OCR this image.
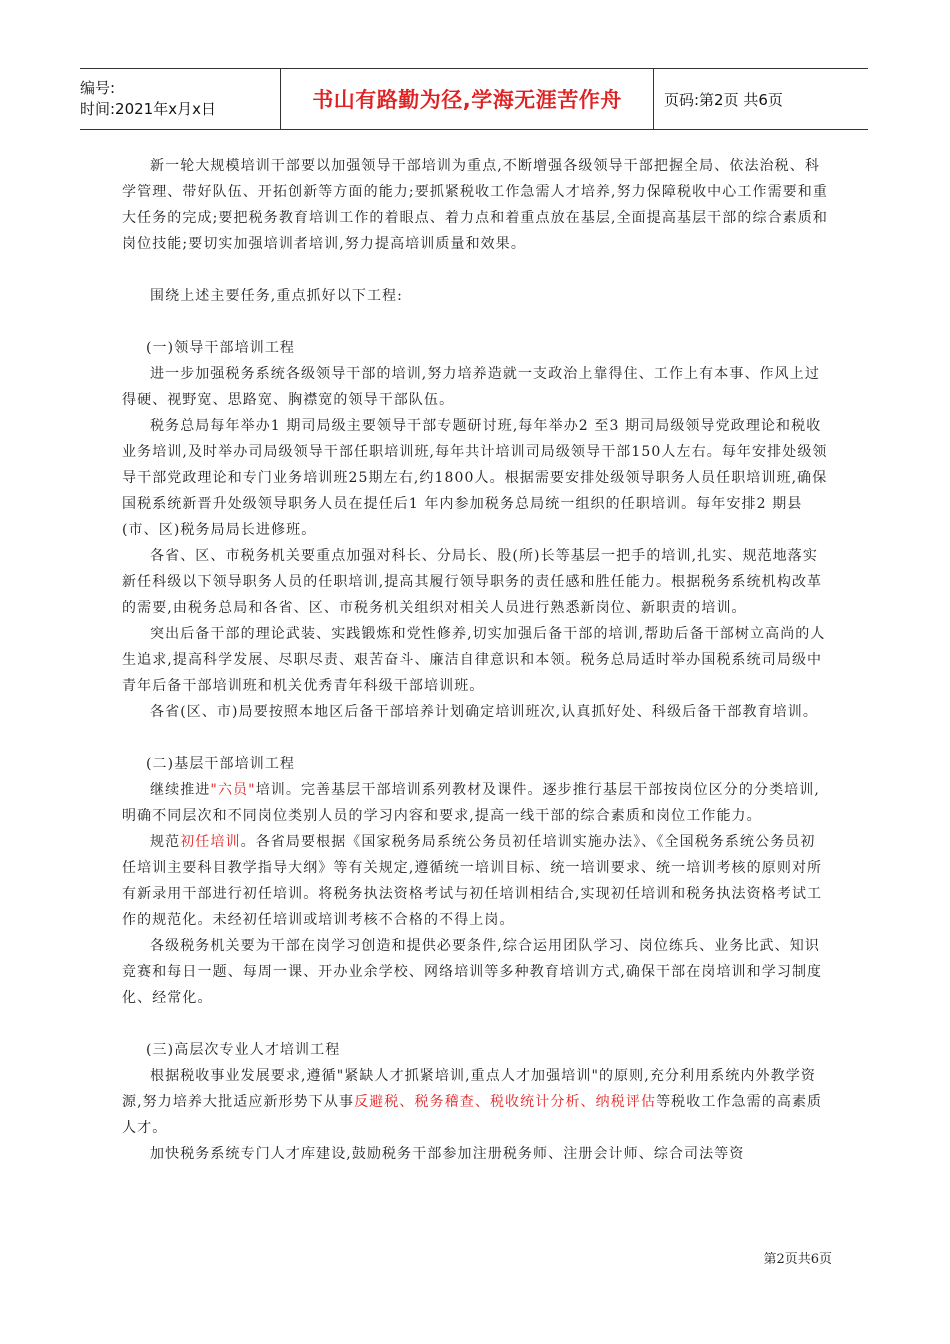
编号:
时间:2021年x月x日	书山有路勤为径,学海无涯苦作舟	页码:第2页 共6页

新一轮大规模培训干部要以加强领导干部培训为重点,不断增强各级领导干部把握全局、依法治税、科学管理、带好队伍、开拓创新等方面的能力;要抓紧税收工作急需人才培养,努力保障税收中心工作需要和重大任务的完成;要把税务教育培训工作的着眼点、着力点和着重点放在基层,全面提高基层干部的综合素质和岗位技能;要切实加强培训者培训,努力提高培训质量和效果。

围绕上述主要任务,重点抓好以下工程:

(一)领导干部培训工程

进一步加强税务系统各级领导干部的培训,努力培养造就一支政治上靠得住、工作上有本事、作风上过得硬、视野宽、思路宽、胸襟宽的领导干部队伍。

税务总局每年举办1 期司局级主要领导干部专题研讨班,每年举办2 至3 期司局级领导党政理论和税收业务培训,及时举办司局级领导干部任职培训班,每年共计培训司局级领导干部150人左右。每年安排处级领导干部党政理论和专门业务培训班25期左右,约1800人。根据需要安排处级领导职务人员任职培训班,确保国税系统新晋升处级领导职务人员在提任后1 年内参加税务总局统一组织的任职培训。每年安排2 期县(市、区)税务局局长进修班。

各省、区、市税务机关要重点加强对科长、分局长、股(所)长等基层一把手的培训,扎实、规范地落实新任科级以下领导职务人员的任职培训,提高其履行领导职务的责任感和胜任能力。根据税务系统机构改革的需要,由税务总局和各省、区、市税务机关组织对相关人员进行熟悉新岗位、新职责的培训。

突出后备干部的理论武装、实践锻炼和党性修养,切实加强后备干部的培训,帮助后备干部树立高尚的人生追求,提高科学发展、尽职尽责、艰苦奋斗、廉洁自律意识和本领。税务总局适时举办国税系统司局级中青年后备干部培训班和机关优秀青年科级干部培训班。

各省(区、市)局要按照本地区后备干部培养计划确定培训班次,认真抓好处、科级后备干部教育培训。

(二)基层干部培训工程

继续推进"六员"培训。完善基层干部培训系列教材及课件。逐步推行基层干部按岗位区分的分类培训,明确不同层次和不同岗位类别人员的学习内容和要求,提高一线干部的综合素质和岗位工作能力。

规范初任培训。各省局要根据《国家税务局系统公务员初任培训实施办法》、《全国税务系统公务员初任培训主要科目教学指导大纲》等有关规定,遵循统一培训目标、统一培训要求、统一培训考核的原则对所有新录用干部进行初任培训。将税务执法资格考试与初任培训相结合,实现初任培训和税务执法资格考试工作的规范化。未经初任培训或培训考核不合格的不得上岗。

各级税务机关要为干部在岗学习创造和提供必要条件,综合运用团队学习、岗位练兵、业务比武、知识竞赛和每日一题、每周一课、开办业余学校、网络培训等多种教育培训方式,确保干部在岗培训和学习制度化、经常化。

(三)高层次专业人才培训工程

根据税收事业发展要求,遵循"紧缺人才抓紧培训,重点人才加强培训"的原则,充分利用系统内外教学资源,努力培养大批适应新形势下从事反避税、税务稽查、税收统计分析、纳税评估等税收工作急需的高素质人才。

加快税务系统专门人才库建设,鼓励税务干部参加注册税务师、注册会计师、综合司法等资

第2页共6页
